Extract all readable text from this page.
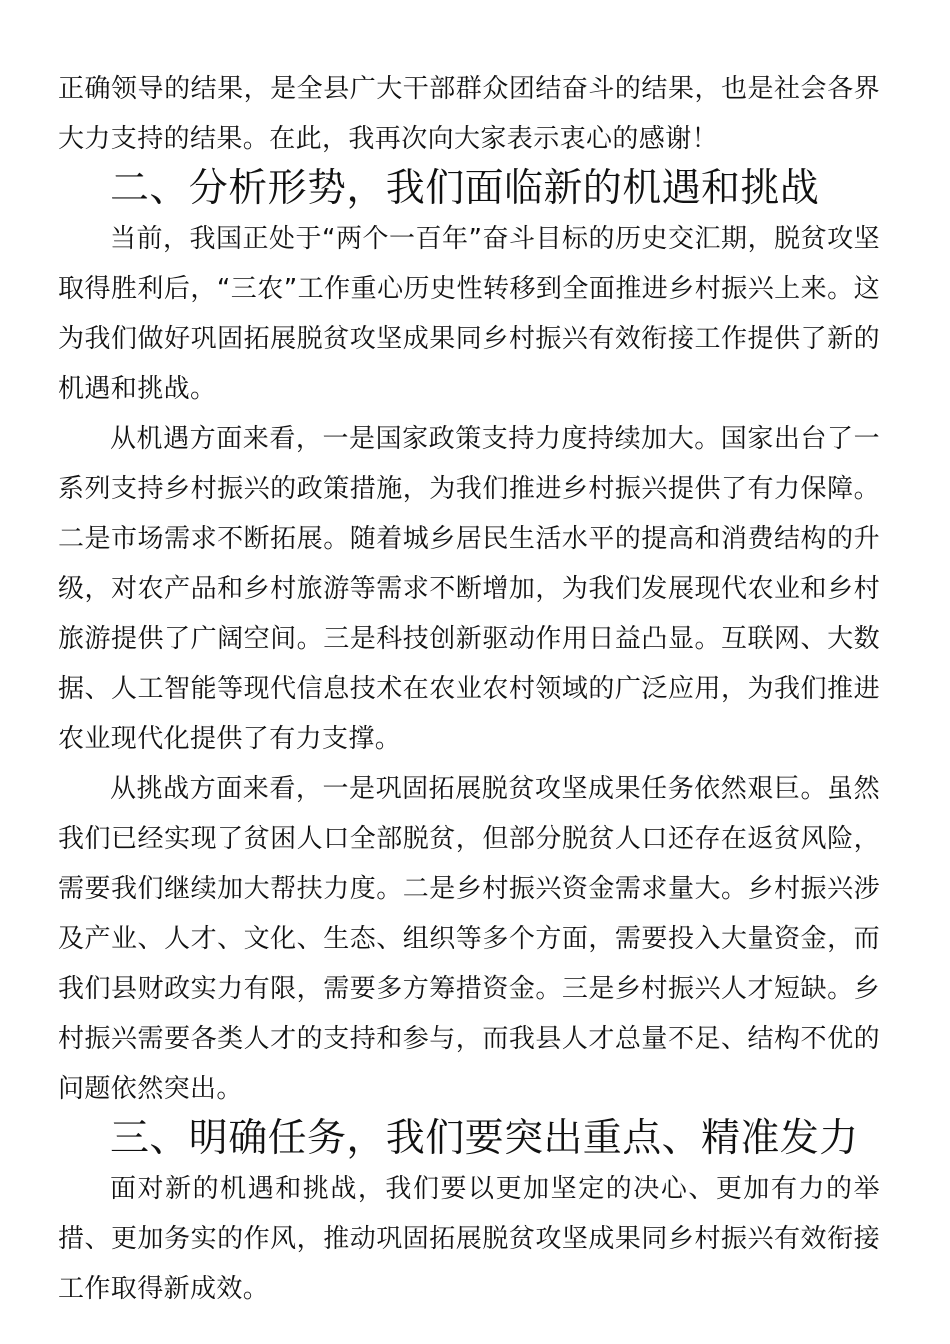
正确领导的结果，是全县广大干部群众团结奋斗的结果，也是社会各界大力支持的结果。在此，我再次向大家表示衷心的感谢！

二、分析形势，我们面临新的机遇和挑战

当前，我国正处于“两个一百年”奋斗目标的历史交汇期，脱贫攻坚取得胜利后，“三农”工作重心历史性转移到全面推进乡村振兴上来。这为我们做好巩固拓展脱贫攻坚成果同乡村振兴有效衔接工作提供了新的机遇和挑战。

从机遇方面来看，一是国家政策支持力度持续加大。国家出台了一系列支持乡村振兴的政策措施，为我们推进乡村振兴提供了有力保障。二是市场需求不断拓展。随着城乡居民生活水平的提高和消费结构的升级，对农产品和乡村旅游等需求不断增加，为我们发展现代农业和乡村旅游提供了广阔空间。三是科技创新驱动作用日益凸显。互联网、大数据、人工智能等现代信息技术在农业农村领域的广泛应用，为我们推进农业现代化提供了有力支撑。

从挑战方面来看，一是巩固拓展脱贫攻坚成果任务依然艰巨。虽然我们已经实现了贫困人口全部脱贫，但部分脱贫人口还存在返贫风险，需要我们继续加大帮扶力度。二是乡村振兴资金需求量大。乡村振兴涉及产业、人才、文化、生态、组织等多个方面，需要投入大量资金，而我们县财政实力有限，需要多方筹措资金。三是乡村振兴人才短缺。乡村振兴需要各类人才的支持和参与，而我县人才总量不足、结构不优的问题依然突出。

三、明确任务，我们要突出重点、精准发力

面对新的机遇和挑战，我们要以更加坚定的决心、更加有力的举措、更加务实的作风，推动巩固拓展脱贫攻坚成果同乡村振兴有效衔接工作取得新成效。
